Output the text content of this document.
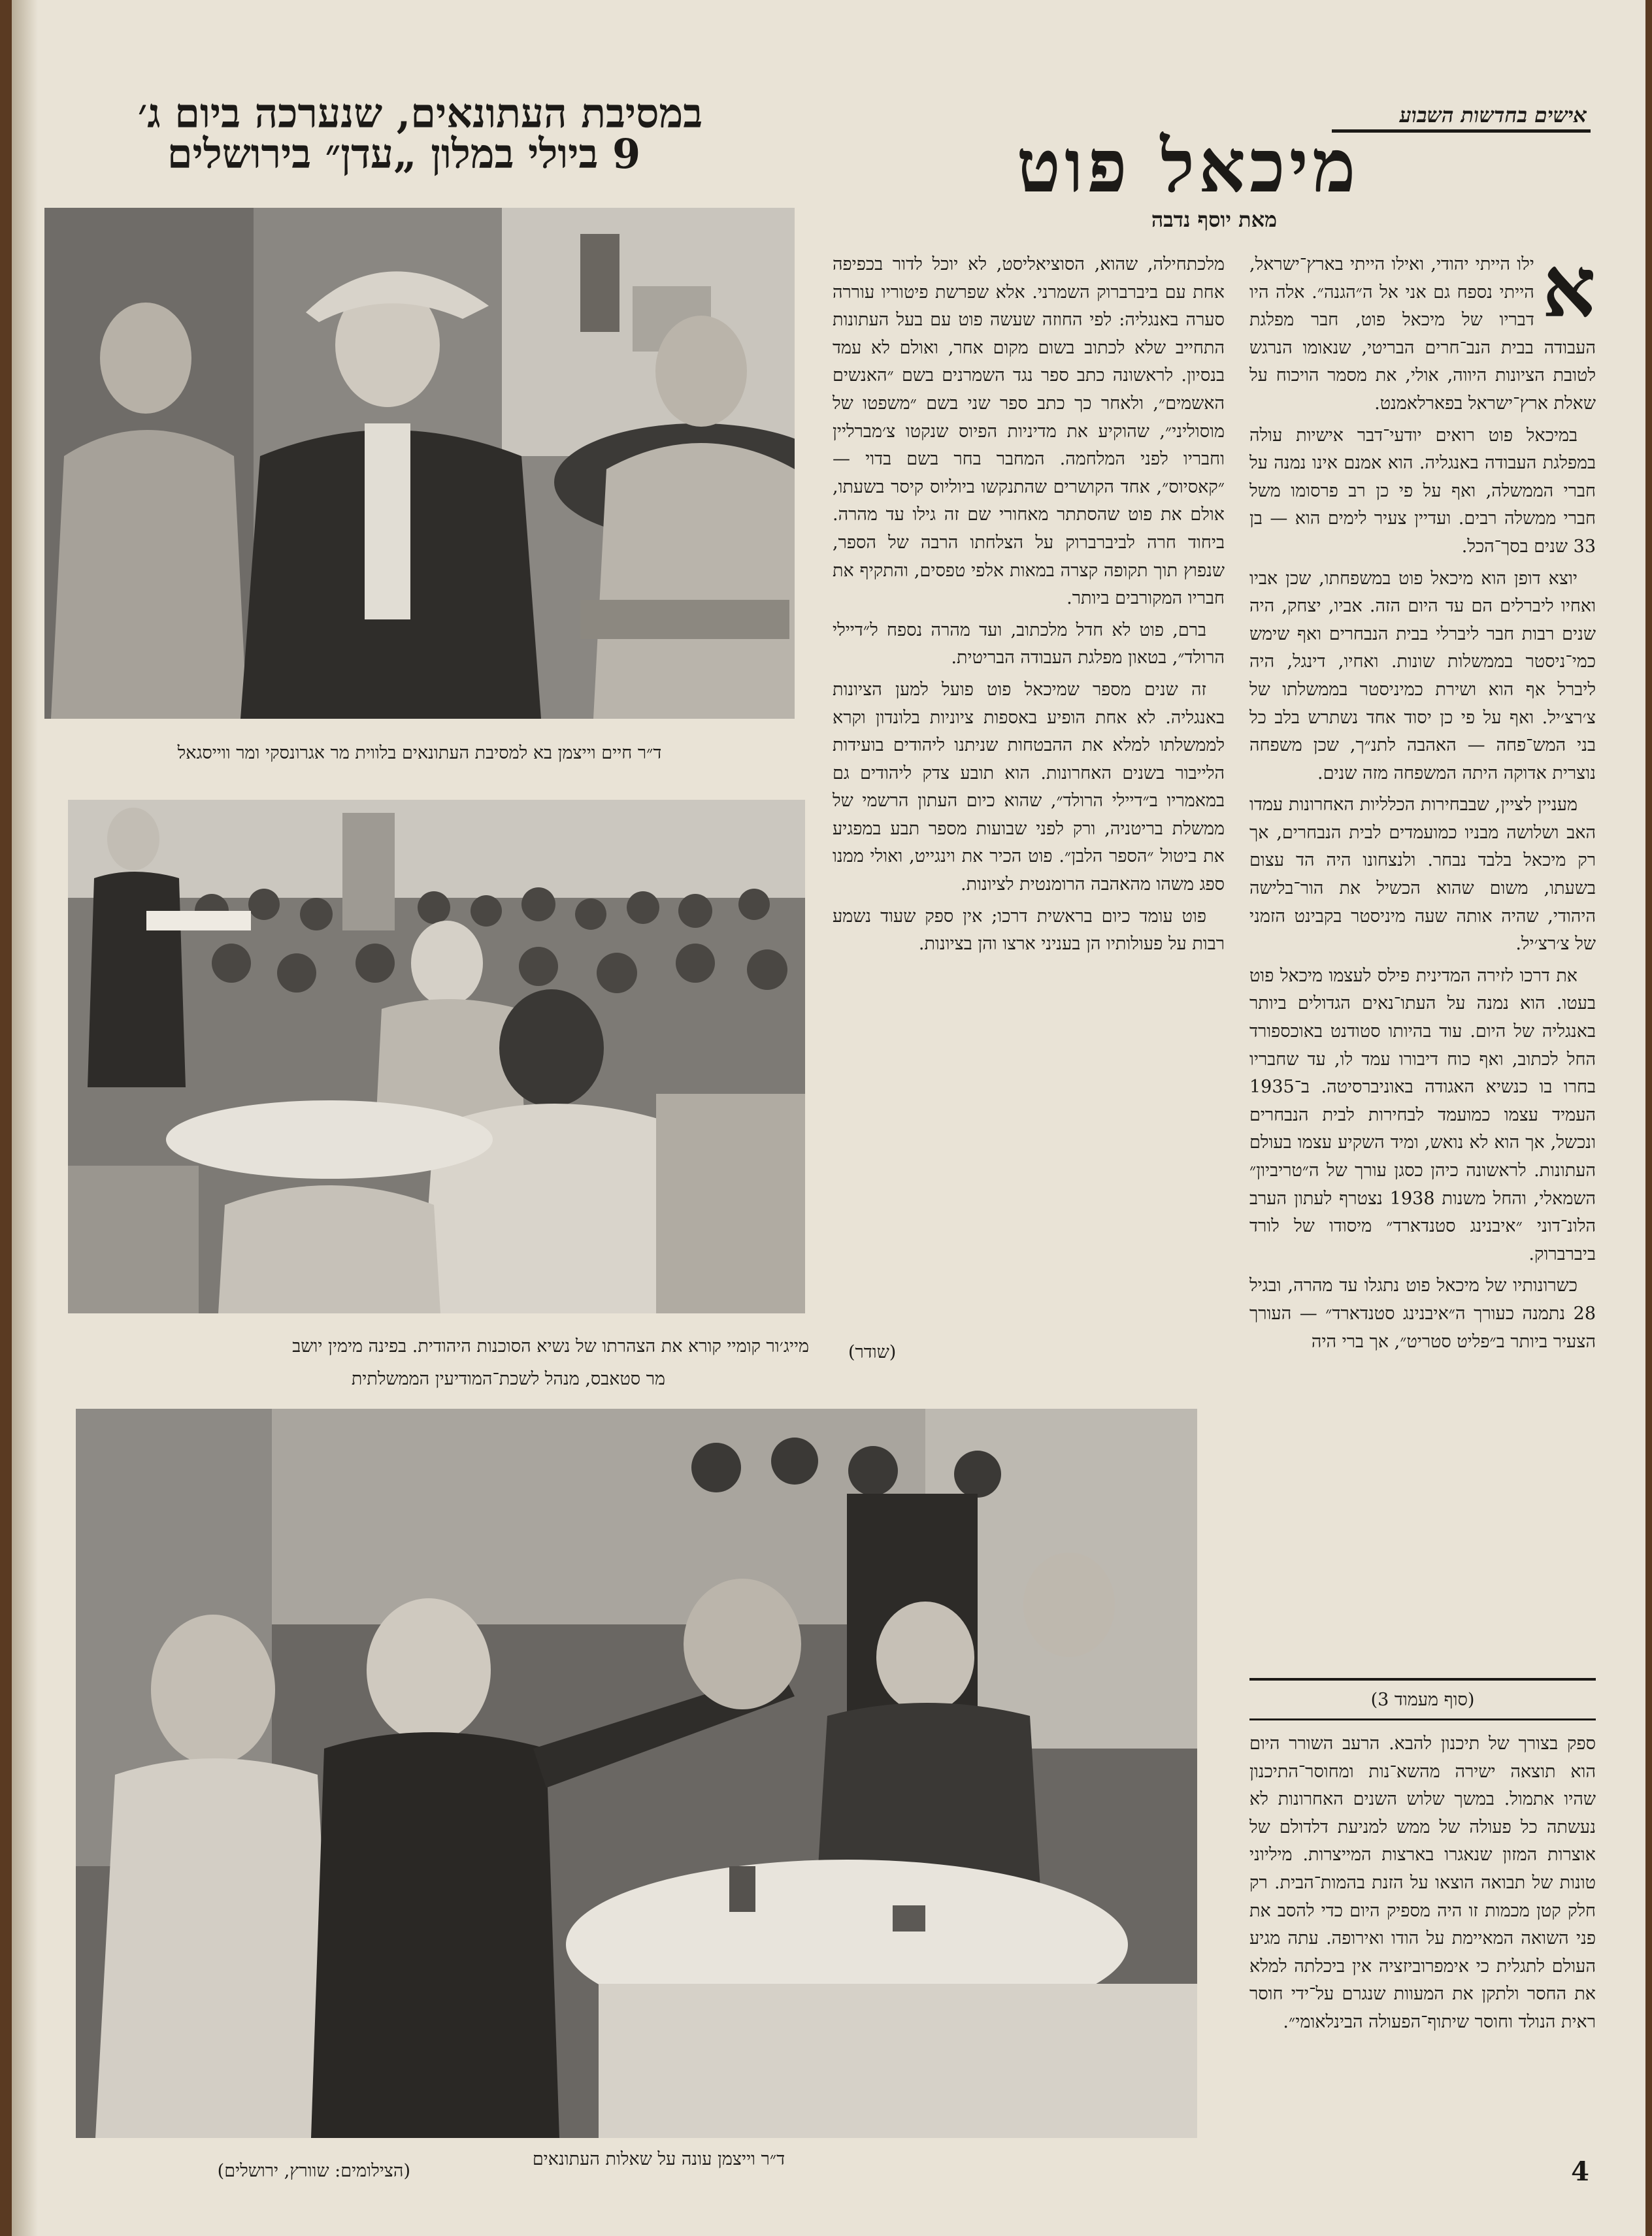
במסיבת העתונאים, שנערכה ביום ג׳
9 ביולי במלון „עדן״ בירושלים
אישים בחדשות השבוע
מיכאל פוט
מאת יוסף נדבה
ד״ר חיים וייצמן בא למסיבת העתונאים בלווית מר אגרונסקי ומר ווייסגאל
מייג׳ור קומיי קורא את הצהרתו של נשיא הסוכנות היהודית. בפינה מימין יושב
מר סטאבס, מנהל לשכת־המודיעין הממשלתית

מלכתחילה, שהוא, הסוציאליסט, לא יוכל לדור בכפיפה אחת עם ביברברוק השמרני. אלא שפרשת פיטוריו עוררה סערה באנגליה: לפי החוזה שעשה פוט עם בעל העתונות התחייב שלא לכתוב בשום מקום אחר, ואולם לא עמד בנסיון. לראשונה כתב ספר נגד השמרנים בשם ״האנשים האשמים״, ולאחר כך כתב ספר שני בשם ״משפטו של מוסוליני״, שהוקיע את מדיניות הפיוס שנקטו צ׳מברליין וחבריו לפני המלחמה. המחבר בחר בשם בדוי — ״קאסיוס״, אחד הקושרים שהתנקשו ביוליוס קיסר בשעתו, אולם את פוט שהסתתר מאחורי שם זה גילו עד מהרה. ביחוד חרה לביברברוק על הצלחתו הרבה של הספר, שנפוץ תוך תקופה קצרה במאות אלפי טפסים, והתקיף את חבריו המקורבים ביותר.

ברם, פוט לא חדל מלכתוב, ועד מהרה נספח ל״דיילי הרולד״, בטאון מפלגת העבודה הבריטית.

זה שנים מספר שמיכאל פוט פועל למען הציונות באנגליה. לא אחת הופיע באספות ציוניות בלונדון וקרא לממשלתו למלא את ההבטחות שניתנו ליהודים בועידות הלייבור בשנים האחרונות. הוא תובע צדק ליהודים גם במאמריו ב״דיילי הרולד״, שהוא כיום העתון הרשמי של ממשלת בריטניה, ורק לפני שבועות מספר תבע במפגיע את ביטול ״הספר הלבן״. פוט הכיר את וינגייט, ואולי ממנו ספג משהו מהאהבה הרומנטית לציונות.

פוט עומד כיום בראשית דרכו; אין ספק שעוד נשמע רבות על פעולותיו הן בעניני ארצו והן בציונות.

(שודר)

א
ילו הייתי יהודי, ואילו הייתי בארץ־ישראל, הייתי נספח גם אני אל ה״הגנה״. אלה היו דבריו של מיכאל פוט, חבר מפלגת העבודה בבית הנב־חרים הבריטי, שנאומו הנרגש לטובת הציונות היווה, אולי, את מסמר הויכוח על שאלת ארץ־ישראל בפארלאמנט.

במיכאל פוט רואים יודעי־דבר אישיות עולה במפלגת העבודה באנגליה. הוא אמנם אינו נמנה על חברי הממשלה, ואף על פי כן רב פרסומו משל חברי ממשלה רבים. ועדיין צעיר לימים הוא — בן 33 שנים בסך־הכל.

יוצא דופן הוא מיכאל פוט במשפחתו, שכן אביו ואחיו ליברלים הם עד היום הזה. אביו, יצחק, היה שנים רבות חבר ליברלי בבית הנבחרים ואף שימש כמי־ניסטר בממשלות שונות. ואחיו, דינגל, היה ליברל אף הוא ושירת כמיניסטר בממשלתו של צ׳רצ׳יל. ואף על פי כן יסוד אחד נשתרש בלב כל בני המש־פחה — האהבה לתנ״ך, שכן משפחה נוצרית אדוקה היתה המשפחה מזה שנים.

מעניין לציין, שבבחירות הכלליות האחרונות עמדו האב ושלושה מבניו כמועמדים לבית הנבחרים, אך רק מיכאל בלבד נבחר. ולנצחונו היה הד עצום בשעתו, משום שהוא הכשיל את הור־בלישה היהודי, שהיה אותה שעה מיניסטר בקבינט הזמני של צ׳רצ׳יל.

את דרכו לזירה המדינית פילס לעצמו מיכאל פוט בעטו. הוא נמנה על העתו־נאים הגדולים ביותר באנגליה של היום. עוד בהיותו סטודנט באוכספורד החל לכתוב, ואף כוח דיבורו עמד לו, עד שחבריו בחרו בו כנשיא האגודה באוניברסיטה. ב־1935 העמיד עצמו כמועמד לבחירות לבית הנבחרים ונכשל, אך הוא לא נואש, ומיד השקיע עצמו בעולם העתונות. לראשונה כיהן כסגן עורך של ה״טריביון״ השמאלי, והחל משנות 1938 נצטרף לעתון הערב הלונ־דוני ״איבנינג סטנדארד״ מיסודו של לורד ביברברוק.

כשרונותיו של מיכאל פוט נתגלו עד מהרה, ובגיל 28 נתמנה כעורך ה״איבנינג סטנדארד״ — העורך הצעיר ביותר ב״פליט סטריט״, אך ברי היה

(סוף מעמוד 3)

ספק בצורך של תיכנון להבא. הרעב השורר היום הוא תוצאה ישירה מהשא־נות ומחוסר־התיכנון שהיו אתמול. במשך שלוש השנים האחרונות לא נעשתה כל פעולה של ממש למניעת דלדולם של אוצרות המזון שנאגרו בארצות המייצרות. מיליוני טונות של תבואה הוצאו על הזנת בהמות־הבית. רק חלק קטן מכמות זו היה מספיק היום כדי להסב את פני השואה המאיימת על הודו ואירופה. עתה מגיע העולם לתגלית כי אימפרוביזציה אין ביכלתה למלא את החסר ולתקן את המעוות שנגרם על־ידי חוסר ראית הנולד וחוסר שיתוף־הפעולה הבינלאומי״.

ד״ר וייצמן עונה על שאלות העתונאים
(הצילומים: שוורץ, ירושלים)	4
